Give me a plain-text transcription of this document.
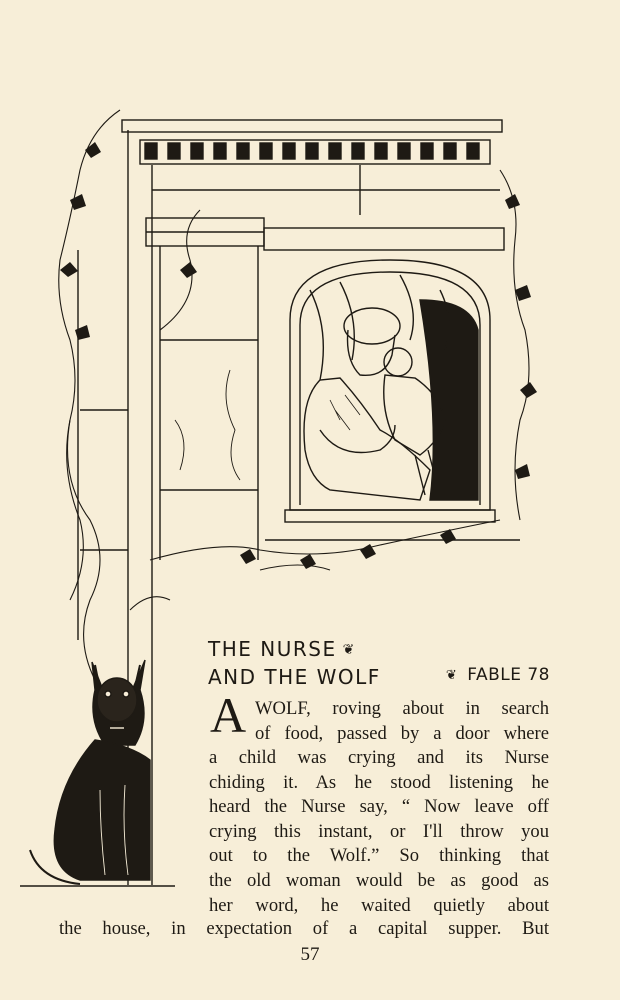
THE NURSE ❦
AND THE WOLF	❦ FABLE 78
A WOLF, roving about in search
of food, passed by a door where
a child was crying and its Nurse
chiding it. As he stood listening he
heard the Nurse say, “ Now leave off
crying this instant, or I'll throw you
out to the Wolf.” So thinking that
the old woman would be as good as
her word, he waited quietly about
the house, in expectation of a capital supper. But
57
